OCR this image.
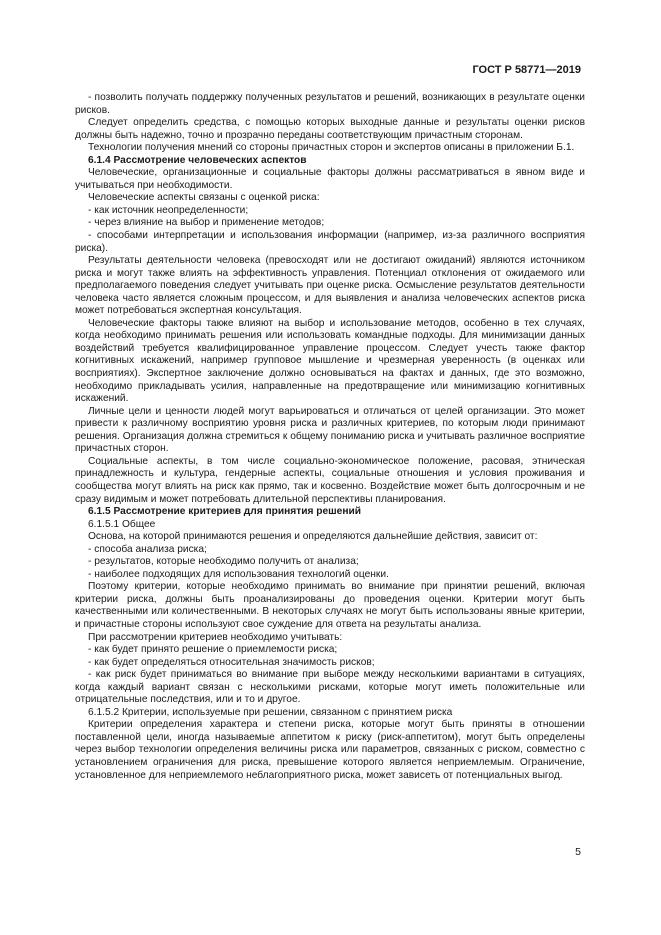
ГОСТ Р 58771—2019

- позволить получать поддержку полученных результатов и решений, возникающих в результате оценки рисков.

Следует определить средства, с помощью которых выходные данные и результаты оценки рисков должны быть надежно, точно и прозрачно переданы соответствующим причастным сторонам.

Технологии получения мнений со стороны причастных сторон и экспертов описаны в приложении Б.1.

6.1.4 Рассмотрение человеческих аспектов

Человеческие, организационные и социальные факторы должны рассматриваться в явном виде и учитываться при необходимости.

Человеческие аспекты связаны с оценкой риска:

- как источник неопределенности;

- через влияние на выбор и применение методов;

- способами интерпретации и использования информации (например, из-за различного восприятия риска).

Результаты деятельности человека (превосходят или не достигают ожиданий) являются источником риска и могут также влиять на эффективность управления. Потенциал отклонения от ожидаемого или предполагаемого поведения следует учитывать при оценке риска. Осмысление результатов деятельности человека часто является сложным процессом, и для выявления и анализа человеческих аспектов риска может потребоваться экспертная консультация.

Человеческие факторы также влияют на выбор и использование методов, особенно в тех случаях, когда необходимо принимать решения или использовать командные подходы. Для минимизации данных воздействий требуется квалифицированное управление процессом. Следует учесть также фактор когнитивных искажений, например групповое мышление и чрезмерная уверенность (в оценках или восприятиях). Экспертное заключение должно основываться на фактах и данных, где это возможно, необходимо прикладывать усилия, направленные на предотвращение или минимизацию когнитивных искажений.

Личные цели и ценности людей могут варьироваться и отличаться от целей организации. Это может привести к различному восприятию уровня риска и различных критериев, по которым люди принимают решения. Организация должна стремиться к общему пониманию риска и учитывать различное восприятие причастных сторон.

Социальные аспекты, в том числе социально-экономическое положение, расовая, этническая принадлежность и культура, гендерные аспекты, социальные отношения и условия проживания и сообщества могут влиять на риск как прямо, так и косвенно. Воздействие может быть долгосрочным и не сразу видимым и может потребовать длительной перспективы планирования.

6.1.5 Рассмотрение критериев для принятия решений

6.1.5.1 Общее

Основа, на которой принимаются решения и определяются дальнейшие действия, зависит от:

- способа анализа риска;

- результатов, которые необходимо получить от анализа;

- наиболее подходящих для использования технологий оценки.

Поэтому критерии, которые необходимо принимать во внимание при принятии решений, включая критерии риска, должны быть проанализированы до проведения оценки. Критерии могут быть качественными или количественными. В некоторых случаях не могут быть использованы явные критерии, и причастные стороны используют свое суждение для ответа на результаты анализа.

При рассмотрении критериев необходимо учитывать:

- как будет принято решение о приемлемости риска;

- как будет определяться относительная значимость рисков;

- как риск будет приниматься во внимание при выборе между несколькими вариантами в ситуациях, когда каждый вариант связан с несколькими рисками, которые могут иметь положительные или отрицательные последствия, или и то и другое.

6.1.5.2 Критерии, используемые при решении, связанном с принятием риска

Критерии определения характера и степени риска, которые могут быть приняты в отношении поставленной цели, иногда называемые аппетитом к риску (риск-аппетитом), могут быть определены через выбор технологии определения величины риска или параметров, связанных с риском, совместно с установлением ограничения для риска, превышение которого является неприемлемым. Ограничение, установленное для неприемлемого неблагоприятного риска, может зависеть от потенциальных выгод.

5
